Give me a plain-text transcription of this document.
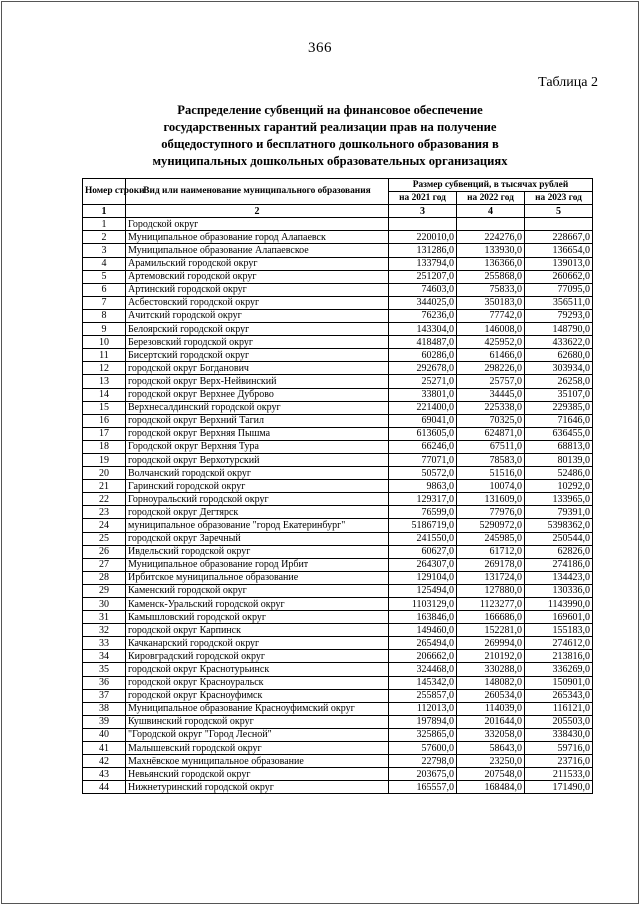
366
Таблица 2
Распределение субвенций на финансовое обеспечение
государственных гарантий реализации прав на получение
общедоступного и бесплатного дошкольного образования в
муниципальных дошкольных образовательных организациях
Номер строки	Вид или наименование муниципального образования	Размер субвенций, в тысячах рублей		
		на 2021 год	на 2022 год	на 2023 год
1	2	3	4	5
1	Городской округ			
2	Муниципальное образование город Алапаевск	220010,0	224276,0	228667,0
3	Муниципальное образование Алапаевское	131286,0	133930,0	136654,0
4	Арамильский городской округ	133794,0	136366,0	139013,0
5	Артемовский городской округ	251207,0	255868,0	260662,0
6	Артинский городской округ	74603,0	75833,0	77095,0
7	Асбестовский городской округ	344025,0	350183,0	356511,0
8	Ачитский городской округ	76236,0	77742,0	79293,0
9	Белоярский городской округ	143304,0	146008,0	148790,0
10	Березовский городской округ	418487,0	425952,0	433622,0
11	Бисертский городской округ	60286,0	61466,0	62680,0
12	городской округ Богданович	292678,0	298226,0	303934,0
13	городской округ Верх-Нейвинский	25271,0	25757,0	26258,0
14	городской округ Верхнее Дуброво	33801,0	34445,0	35107,0
15	Верхнесалдинский городской округ	221400,0	225338,0	229385,0
16	городской округ Верхний Тагил	69041,0	70325,0	71646,0
17	городской округ Верхняя Пышма	613605,0	624871,0	636455,0
18	Городской округ Верхняя Тура	66246,0	67511,0	68813,0
19	городской округ Верхотурский	77071,0	78583,0	80139,0
20	Волчанский городской округ	50572,0	51516,0	52486,0
21	Гаринский городской округ	9863,0	10074,0	10292,0
22	Горноуральский городской округ	129317,0	131609,0	133965,0
23	городской округ Дегтярск	76599,0	77976,0	79391,0
24	муниципальное образование "город Екатеринбург"	5186719,0	5290972,0	5398362,0
25	городской округ Заречный	241550,0	245985,0	250544,0
26	Ивдельский городской округ	60627,0	61712,0	62826,0
27	Муниципальное образование город Ирбит	264307,0	269178,0	274186,0
28	Ирбитское муниципальное образование	129104,0	131724,0	134423,0
29	Каменский городской округ	125494,0	127880,0	130336,0
30	Каменск-Уральский городской округ	1103129,0	1123277,0	1143990,0
31	Камышловский городской округ	163846,0	166686,0	169601,0
32	городской округ Карпинск	149460,0	152281,0	155183,0
33	Качканарский городской округ	265494,0	269994,0	274612,0
34	Кировградский городской округ	206662,0	210192,0	213816,0
35	городской округ Краснотурьинск	324468,0	330288,0	336269,0
36	городской округ Красноуральск	145342,0	148082,0	150901,0
37	городской округ Красноуфимск	255857,0	260534,0	265343,0
38	Муниципальное образование Красноуфимский округ	112013,0	114039,0	116121,0
39	Кушвинский городской округ	197894,0	201644,0	205503,0
40	"Городской округ "Город Лесной"	325865,0	332058,0	338430,0
41	Малышевский городской округ	57600,0	58643,0	59716,0
42	Махнёвское муниципальное образование	22798,0	23250,0	23716,0
43	Невьянский городской округ	203675,0	207548,0	211533,0
44	Нижнетуринский городской округ	165557,0	168484,0	171490,0
